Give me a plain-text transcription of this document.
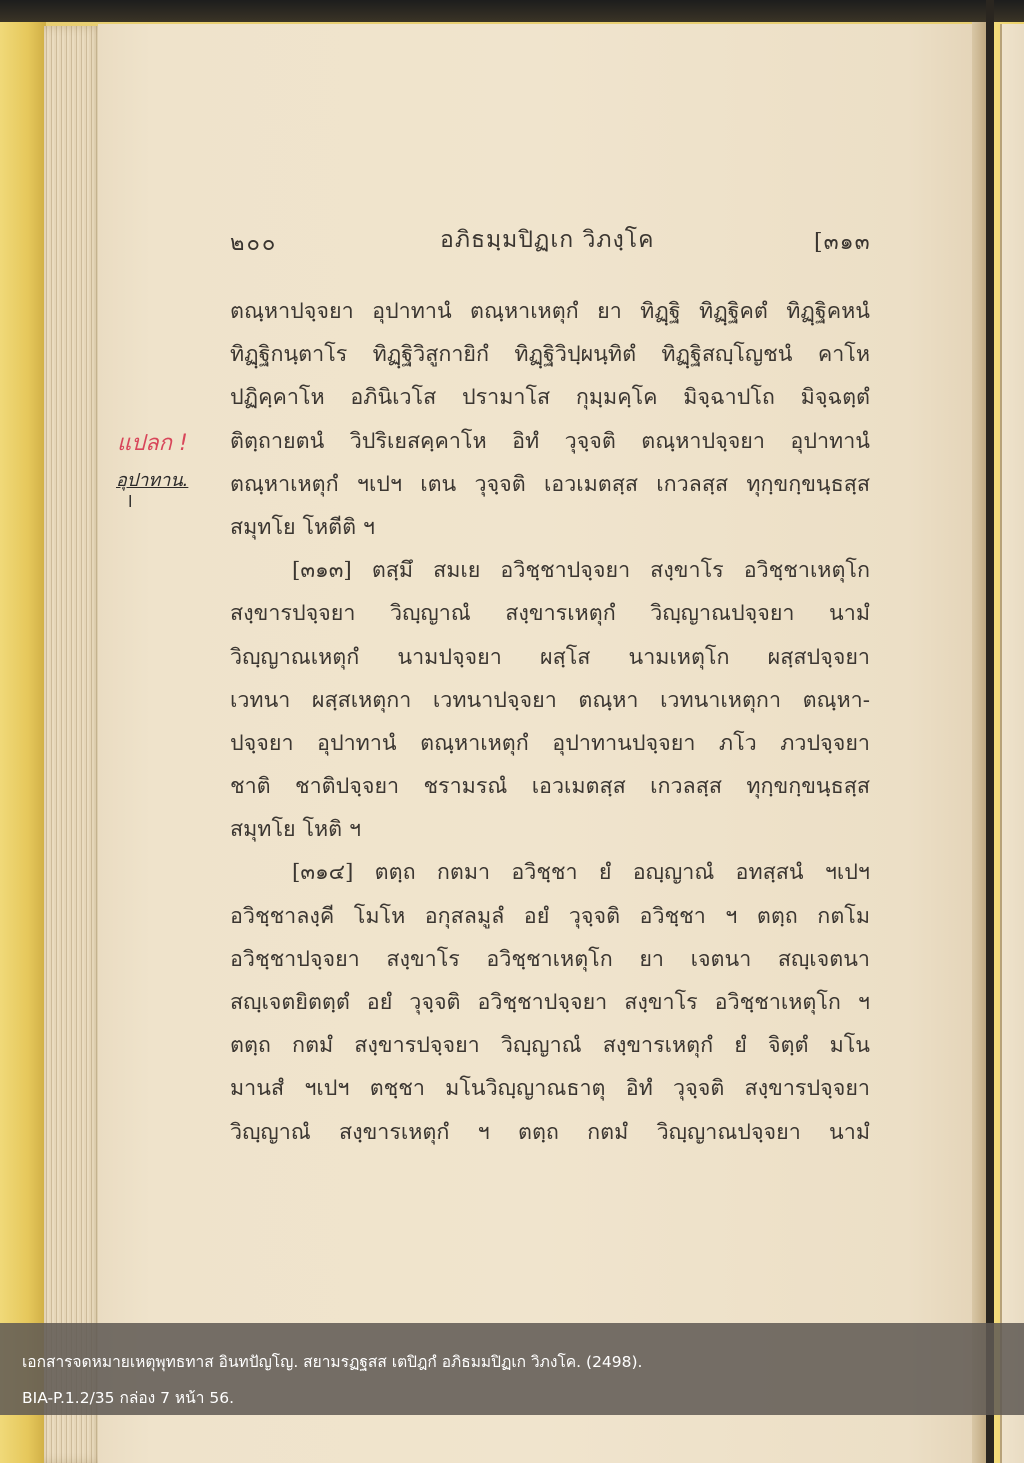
๒๐๐	อภิธมฺมปิฏเก วิภงฺโค	[๓๑๓
แปลก !
อุปาทาน.
l
ตณฺหาปจฺจยา อุปาทานํ ตณฺหาเหตุกํ ยา ทิฏฺฐิ ทิฏฺฐิคตํ ทิฏฺฐิคหนํ
ทิฏฺฐิกนฺตาโร ทิฏฺฐิวิสูกายิกํ ทิฏฺฐิวิปฺผนฺทิตํ ทิฏฺฐิสญฺโญชนํ คาโห
ปฏิคฺคาโห อภินิเวโส ปรามาโส กุมฺมคฺโค มิจฺฉาปโถ มิจฺฉตฺตํ
ติตฺถายตนํ วิปริเยสคฺคาโห อิทํ วุจฺจติ ตณฺหาปจฺจยา อุปาทานํ
ตณฺหาเหตุกํ ฯเปฯ เตน วุจฺจติ เอวเมตสฺส เกวลสฺส ทุกฺขกฺขนฺธสฺส
สมุทโย โหตีติ ฯ
[๓๑๓] ตสฺมึ สมเย อวิชฺชาปจฺจยา สงฺขาโร อวิชฺชาเหตุโก
สงฺขารปจฺจยา วิญฺญาณํ สงฺขารเหตุกํ วิญฺญาณปจฺจยา นามํ
วิญฺญาณเหตุกํ นามปจฺจยา ผสฺโส นามเหตุโก ผสฺสปจฺจยา
เวทนา ผสฺสเหตุกา เวทนาปจฺจยา ตณฺหา เวทนาเหตุกา ตณฺหา-
ปจฺจยา อุปาทานํ ตณฺหาเหตุกํ อุปาทานปจฺจยา ภโว ภวปจฺจยา
ชาติ ชาติปจฺจยา ชรามรณํ เอวเมตสฺส เกวลสฺส ทุกฺขกฺขนฺธสฺส
สมุทโย โหติ ฯ
[๓๑๔] ตตฺถ กตมา อวิชฺชา ยํ อญฺญาณํ อทสฺสนํ ฯเปฯ
อวิชฺชาลงฺคี โมโห อกุสลมูลํ อยํ วุจฺจติ อวิชฺชา ฯ ตตฺถ กตโม
อวิชฺชาปจฺจยา สงฺขาโร อวิชฺชาเหตุโก ยา เจตนา สญฺเจตนา
สญฺเจตยิตตฺตํ อยํ วุจฺจติ อวิชฺชาปจฺจยา สงฺขาโร อวิชฺชาเหตุโก ฯ
ตตฺถ กตมํ สงฺขารปจฺจยา วิญฺญาณํ สงฺขารเหตุกํ ยํ จิตฺตํ มโน
มานสํ ฯเปฯ ตชฺชา มโนวิญฺญาณธาตุ อิทํ วุจฺจติ สงฺขารปจฺจยา
วิญฺญาณํ สงฺขารเหตุกํ ฯ ตตฺถ กตมํ วิญฺญาณปจฺจยา นามํ
เอกสารจดหมายเหตุพุทธทาส อินทปัญโญ. สยามรฏฐสส เตปิฎกํ อภิธมมปิฏเก วิภงโค. (2498).
BIA-P.1.2/35 กล่อง 7 หน้า 56.
